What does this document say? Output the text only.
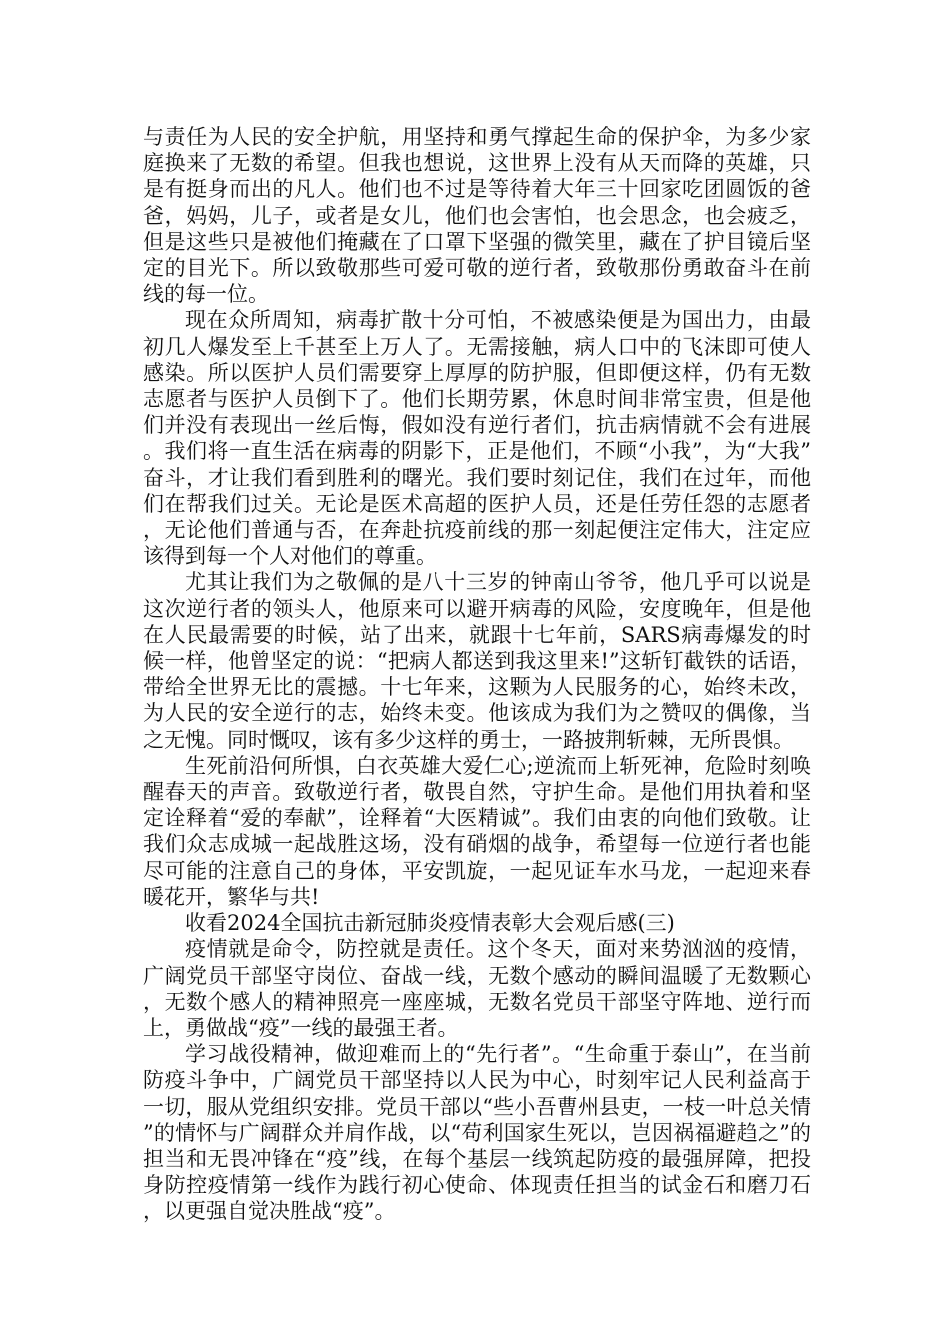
与责任为人民的安全护航，用坚持和勇气撑起生命的保护伞，为多少家庭换来了无数的希望。但我也想说，这世界上没有从天而降的英雄，只是有挺身而出的凡人。他们也不过是等待着大年三十回家吃团圆饭的爸爸，妈妈，儿子，或者是女儿，他们也会害怕，也会思念，也会疲乏，但是这些只是被他们掩藏在了口罩下坚强的微笑里，藏在了护目镜后坚定的目光下。所以致敬那些可爱可敬的逆行者，致敬那份勇敢奋斗在前线的每一位。

现在众所周知，病毒扩散十分可怕，不被感染便是为国出力，由最初几人爆发至上千甚至上万人了。无需接触，病人口中的飞沫即可使人感染。所以医护人员们需要穿上厚厚的防护服，但即便这样，仍有无数志愿者与医护人员倒下了。他们长期劳累，休息时间非常宝贵，但是他们并没有表现出一丝后悔，假如没有逆行者们，抗击病情就不会有进展。我们将一直生活在病毒的阴影下，正是他们，不顾“小我”，为“大我”奋斗，才让我们看到胜利的曙光。我们要时刻记住，我们在过年，而他们在帮我们过关。无论是医术高超的医护人员，还是任劳任怨的志愿者，无论他们普通与否，在奔赴抗疫前线的那一刻起便注定伟大，注定应该得到每一个人对他们的尊重。

尤其让我们为之敬佩的是八十三岁的钟南山爷爷，他几乎可以说是这次逆行者的领头人，他原来可以避开病毒的风险，安度晚年，但是他在人民最需要的时候，站了出来，就跟十七年前，SARS病毒爆发的时候一样，他曾坚定的说：“把病人都送到我这里来!”这斩钉截铁的话语，带给全世界无比的震撼。十七年来，这颗为人民服务的心，始终未改，为人民的安全逆行的志，始终未变。他该成为我们为之赞叹的偶像，当之无愧。同时慨叹，该有多少这样的勇士，一路披荆斩棘，无所畏惧。

生死前沿何所惧，白衣英雄大爱仁心;逆流而上斩死神，危险时刻唤醒春天的声音。致敬逆行者，敬畏自然，守护生命。是他们用执着和坚定诠释着“爱的奉献”，诠释着“大医精诚”。我们由衷的向他们致敬。让我们众志成城一起战胜这场，没有硝烟的战争，希望每一位逆行者也能尽可能的注意自己的身体，平安凯旋，一起见证车水马龙，一起迎来春暖花开，繁华与共!

收看2024全国抗击新冠肺炎疫情表彰大会观后感(三)

疫情就是命令，防控就是责任。这个冬天，面对来势汹汹的疫情，广阔党员干部坚守岗位、奋战一线，无数个感动的瞬间温暖了无数颗心，无数个感人的精神照亮一座座城，无数名党员干部坚守阵地、逆行而上，勇做战“疫”一线的最强王者。

学习战役精神，做迎难而上的“先行者”。“生命重于泰山”，在当前防疫斗争中，广阔党员干部坚持以人民为中心，时刻牢记人民利益高于一切，服从党组织安排。党员干部以“些小吾曹州县吏，一枝一叶总关情”的情怀与广阔群众并肩作战，以“苟利国家生死以，岂因祸福避趋之”的担当和无畏冲锋在“疫”线，在每个基层一线筑起防疫的最强屏障，把投身防控疫情第一线作为践行初心使命、体现责任担当的试金石和磨刀石，以更强自觉决胜战“疫”。
